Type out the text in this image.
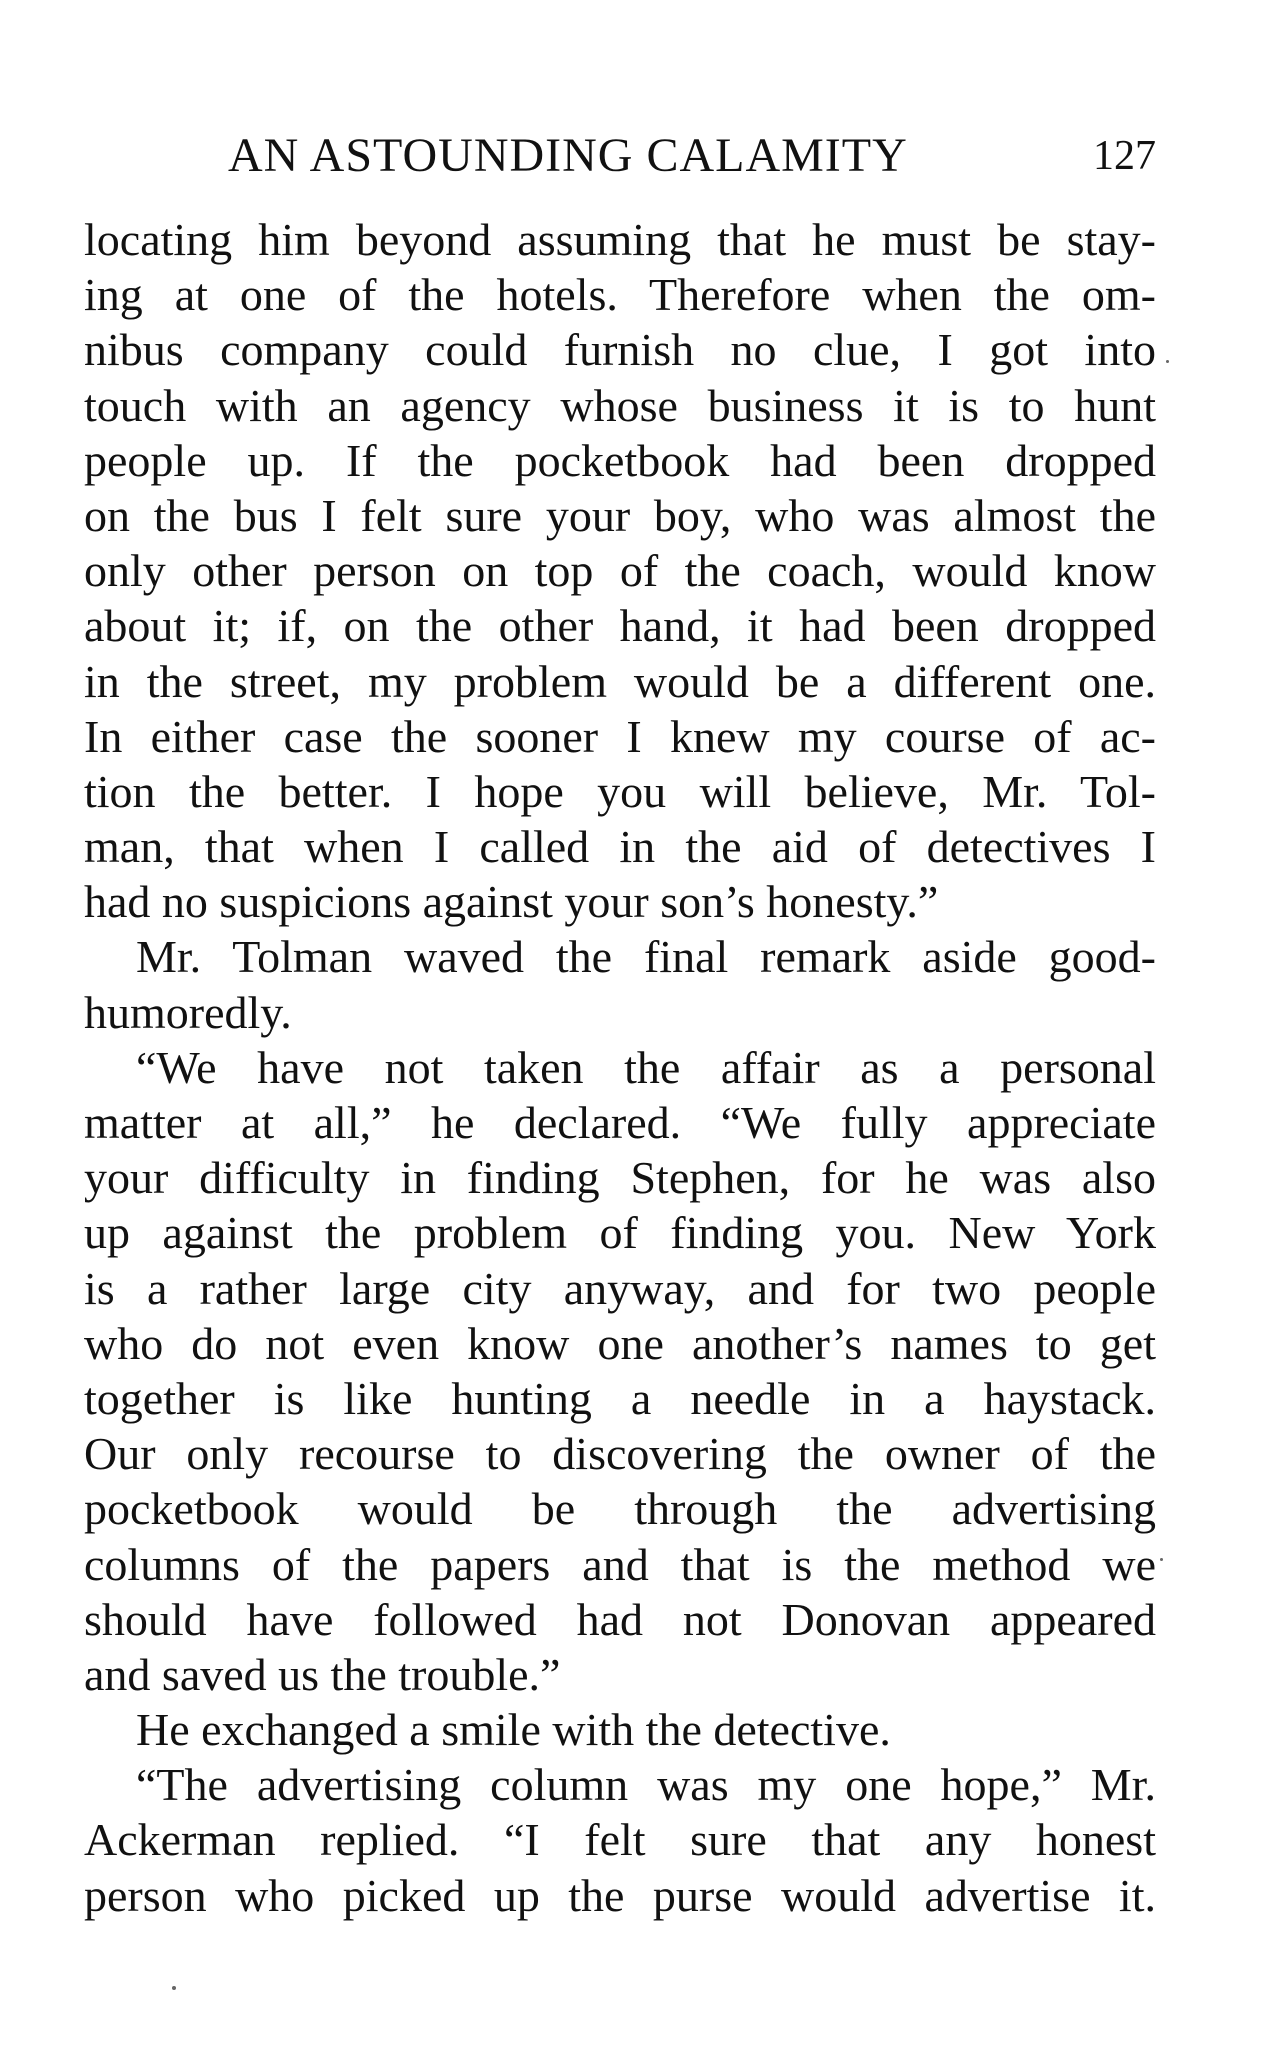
AN ASTOUNDING CALAMITY	127
locating him beyond assuming that he must be stay-
ing at one of the hotels. Therefore when the om-
nibus company could furnish no clue, I got into
touch with an agency whose business it is to hunt
people up. If the pocketbook had been dropped
on the bus I felt sure your boy, who was almost the
only other person on top of the coach, would know
about it; if, on the other hand, it had been dropped
in the street, my problem would be a different one.
In either case the sooner I knew my course of ac-
tion the better. I hope you will believe, Mr. Tol-
man, that when I called in the aid of detectives I
had no suspicions against your son’s honesty.”
Mr. Tolman waved the final remark aside good-
humoredly.
“We have not taken the affair as a personal
matter at all,” he declared. “We fully appreciate
your difficulty in finding Stephen, for he was also
up against the problem of finding you. New York
is a rather large city anyway, and for two people
who do not even know one another’s names to get
together is like hunting a needle in a haystack.
Our only recourse to discovering the owner of the
pocketbook would be through the advertising
columns of the papers and that is the method we
should have followed had not Donovan appeared
and saved us the trouble.”
He exchanged a smile with the detective.
“The advertising column was my one hope,” Mr.
Ackerman replied. “I felt sure that any honest
person who picked up the purse would advertise it.
